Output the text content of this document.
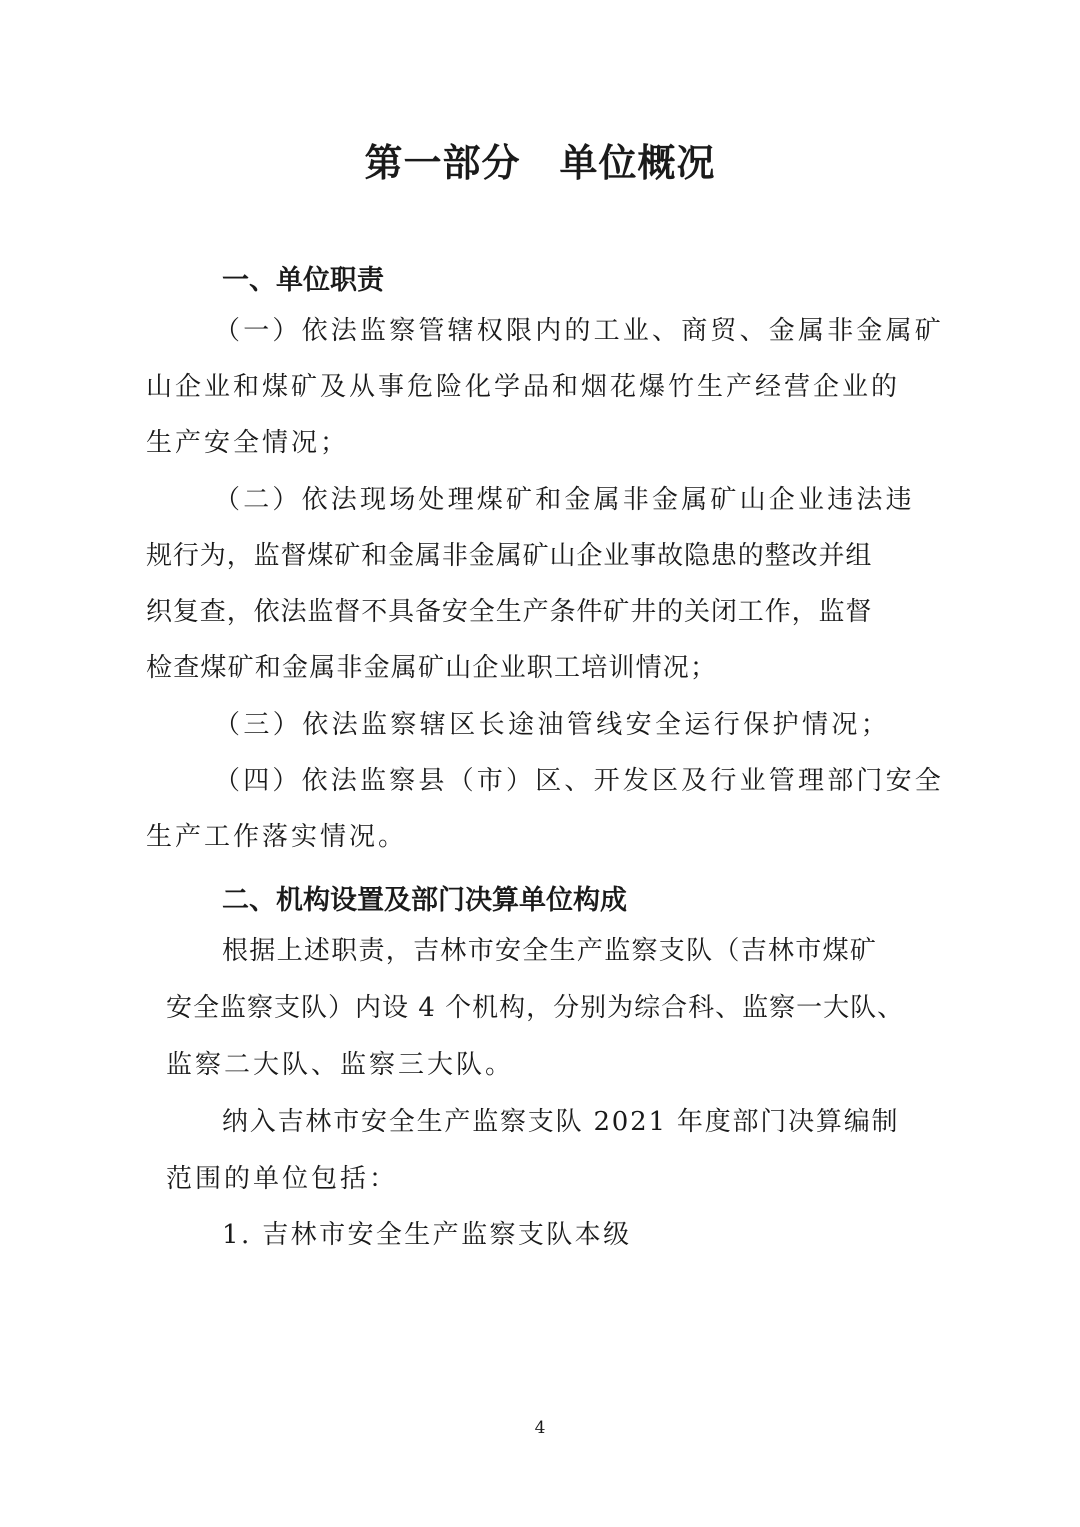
第一部分　单位概况
一、单位职责
（一）依法监察管辖权限内的工业、商贸、金属非金属矿
山企业和煤矿及从事危险化学品和烟花爆竹生产经营企业的
生产安全情况；
（二）依法现场处理煤矿和金属非金属矿山企业违法违
规行为，监督煤矿和金属非金属矿山企业事故隐患的整改并组
织复查，依法监督不具备安全生产条件矿井的关闭工作，监督
检查煤矿和金属非金属矿山企业职工培训情况；
（三）依法监察辖区长途油管线安全运行保护情况；
（四）依法监察县（市）区、开发区及行业管理部门安全
生产工作落实情况。
二、机构设置及部门决算单位构成
根据上述职责，吉林市安全生产监察支队（吉林市煤矿
安全监察支队）内设 4 个机构，分别为综合科、监察一大队、
监察二大队、监察三大队。
纳入吉林市安全生产监察支队 2021 年度部门决算编制
范围的单位包括：
1. 吉林市安全生产监察支队本级
4
